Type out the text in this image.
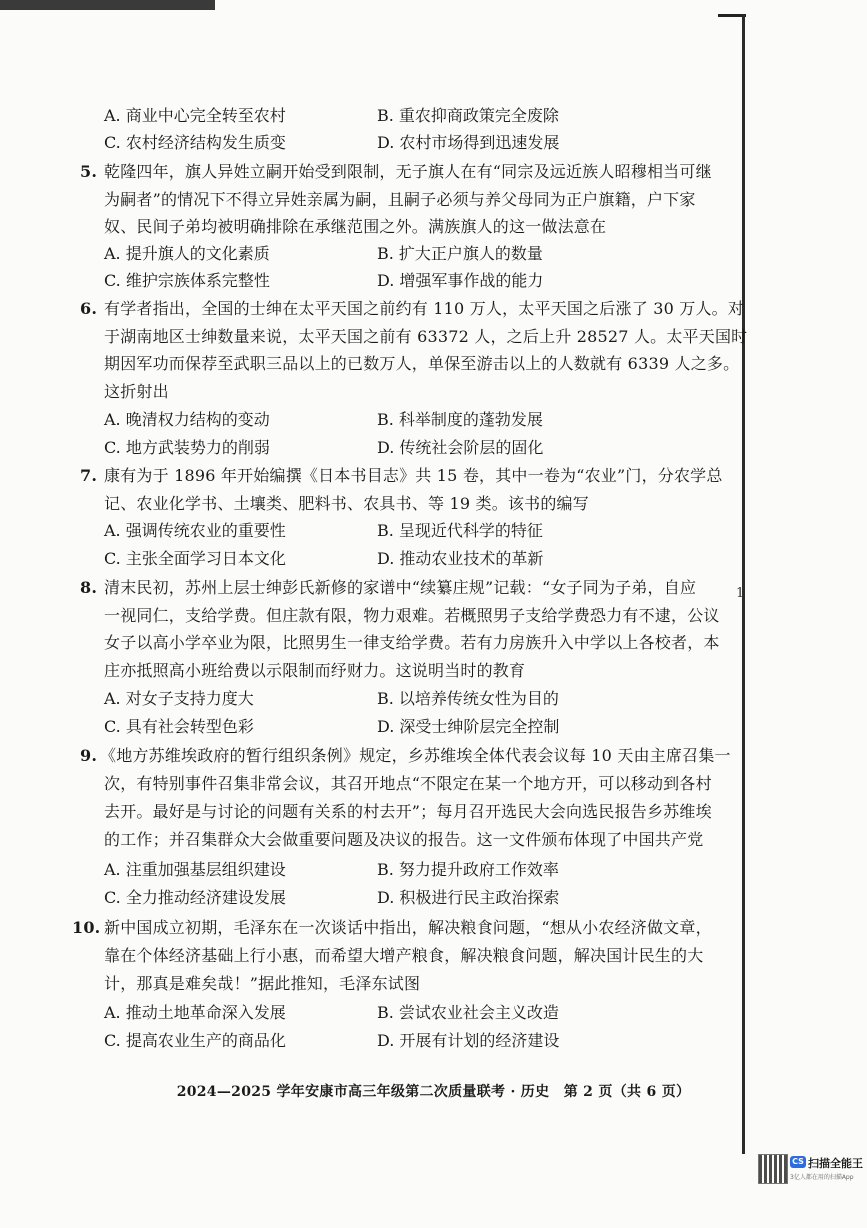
1
A. 商业中心完全转至农村	B. 重农抑商政策完全废除
C. 农村经济结构发生质变	D. 农村市场得到迅速发展
5. 乾隆四年，旗人异姓立嗣开始受到限制，无子旗人在有“同宗及远近族人昭穆相当可继
为嗣者”的情况下不得立异姓亲属为嗣，且嗣子必须与养父母同为正户旗籍，户下家
奴、民间子弟均被明确排除在承继范围之外。满族旗人的这一做法意在
A. 提升旗人的文化素质	B. 扩大正户旗人的数量
C. 维护宗族体系完整性	D. 增强军事作战的能力
6. 有学者指出，全国的士绅在太平天国之前约有 110 万人，太平天国之后涨了 30 万人。对
于湖南地区士绅数量来说，太平天国之前有 63372 人，之后上升 28527 人。太平天国时
期因军功而保荐至武职三品以上的已数万人，单保至游击以上的人数就有 6339 人之多。
这折射出
A. 晚清权力结构的变动	B. 科举制度的蓬勃发展
C. 地方武装势力的削弱	D. 传统社会阶层的固化
7. 康有为于 1896 年开始编撰《日本书目志》共 15 卷，其中一卷为“农业”门，分农学总
记、农业化学书、土壤类、肥料书、农具书、等 19 类。该书的编写
A. 强调传统农业的重要性	B. 呈现近代科学的特征
C. 主张全面学习日本文化	D. 推动农业技术的革新
8. 清末民初，苏州上层士绅彭氏新修的家谱中“续纂庄规”记载：“女子同为子弟，自应
一视同仁，支给学费。但庄款有限，物力艰难。若概照男子支给学费恐力有不逮，公议
女子以高小学卒业为限，比照男生一律支给学费。若有力房族升入中学以上各校者，本
庄亦抵照高小班给费以示限制而纾财力。这说明当时的教育
A. 对女子支持力度大	B. 以培养传统女性为目的
C. 具有社会转型色彩	D. 深受士绅阶层完全控制
9. 《地方苏维埃政府的暂行组织条例》规定，乡苏维埃全体代表会议每 10 天由主席召集一
次，有特别事件召集非常会议，其召开地点“不限定在某一个地方开，可以移动到各村
去开。最好是与讨论的问题有关系的村去开”；每月召开选民大会向选民报告乡苏维埃
的工作；并召集群众大会做重要问题及决议的报告。这一文件颁布体现了中国共产党
A. 注重加强基层组织建设	B. 努力提升政府工作效率
C. 全力推动经济建设发展	D. 积极进行民主政治探索
10. 新中国成立初期，毛泽东在一次谈话中指出，解决粮食问题，“想从小农经济做文章，
靠在个体经济基础上行小惠，而希望大增产粮食，解决粮食问题，解决国计民生的大
计，那真是难矣哉！”据此推知，毛泽东试图
A. 推动土地革命深入发展	B. 尝试农业社会主义改造
C. 提高农业生产的商品化	D. 开展有计划的经济建设
2024—2025 学年安康市高三年级第二次质量联考 · 历史　第 2 页（共 6 页）
CS 扫描全能王
3亿人都在用的扫描App
